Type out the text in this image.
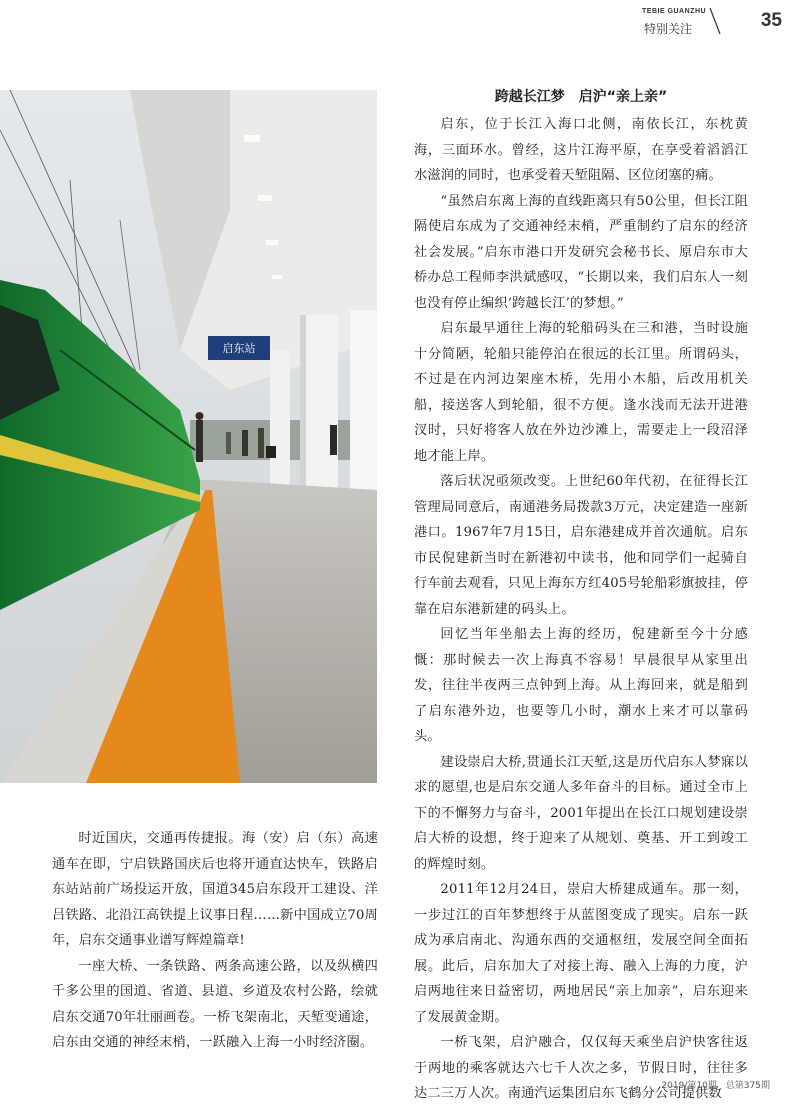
TEBIE GUANZHU
特别关注	35
启东站
跨越长江梦　启沪“亲上亲”

启东，位于长江入海口北侧，南依长江，东枕黄海，三面环水。曾经，这片江海平原，在享受着滔滔江水滋润的同时，也承受着天堑阻隔、区位闭塞的痛。

“虽然启东离上海的直线距离只有50公里，但长江阻隔使启东成为了交通神经末梢，严重制约了启东的经济社会发展。”启东市港口开发研究会秘书长、原启东市大桥办总工程师李洪斌感叹，“长期以来，我们启东人一刻也没有停止编织‘跨越长江’的梦想。”

启东最早通往上海的轮船码头在三和港，当时设施十分简陋，轮船只能停泊在很远的长江里。所谓码头，不过是在内河边架座木桥，先用小木船，后改用机关船，接送客人到轮船，很不方便。逢水浅而无法开进港汊时，只好将客人放在外边沙滩上，需要走上一段沼泽地才能上岸。

落后状况亟须改变。上世纪60年代初，在征得长江管理局同意后，南通港务局拨款3万元，决定建造一座新港口。1967年7月15日，启东港建成并首次通航。启东市民倪建新当时在新港初中读书，他和同学们一起骑自行车前去观看，只见上海东方红405号轮船彩旗披挂，停靠在启东港新建的码头上。

回忆当年坐船去上海的经历，倪建新至今十分感慨：那时候去一次上海真不容易！早晨很早从家里出发，往往半夜两三点钟到上海。从上海回来，就是船到了启东港外边，也要等几小时，潮水上来才可以靠码头。

建设崇启大桥,贯通长江天堑,这是历代启东人梦寐以求的愿望,也是启东交通人多年奋斗的目标。通过全市上下的不懈努力与奋斗，2001年提出在长江口规划建设崇启大桥的设想，终于迎来了从规划、奠基、开工到竣工的辉煌时刻。

2011年12月24日，崇启大桥建成通车。那一刻，一步过江的百年梦想终于从蓝图变成了现实。启东一跃成为承启南北、沟通东西的交通枢纽，发展空间全面拓展。此后，启东加大了对接上海、融入上海的力度，沪启两地往来日益密切，两地居民“亲上加亲”，启东迎来了发展黄金期。

一桥飞架，启沪融合，仅仅每天乘坐启沪快客往返于两地的乘客就达六七千人次之多，节假日时，往往多达二三万人次。南通汽运集团启东飞鹤分公司提供数

时近国庆，交通再传捷报。海（安）启（东）高速通车在即，宁启铁路国庆后也将开通直达快车，铁路启东站站前广场投运开放，国道345启东段开工建设、洋吕铁路、北沿江高铁提上议事日程……新中国成立70周年，启东交通事业谱写辉煌篇章!

一座大桥、一条铁路、两条高速公路，以及纵横四千多公里的国道、省道、县道、乡道及农村公路，绘就启东交通70年壮丽画卷。一桥飞架南北，天堑变通途，启东由交通的神经末梢，一跃融入上海一小时经济圈。

2019/第10期　总第375期
